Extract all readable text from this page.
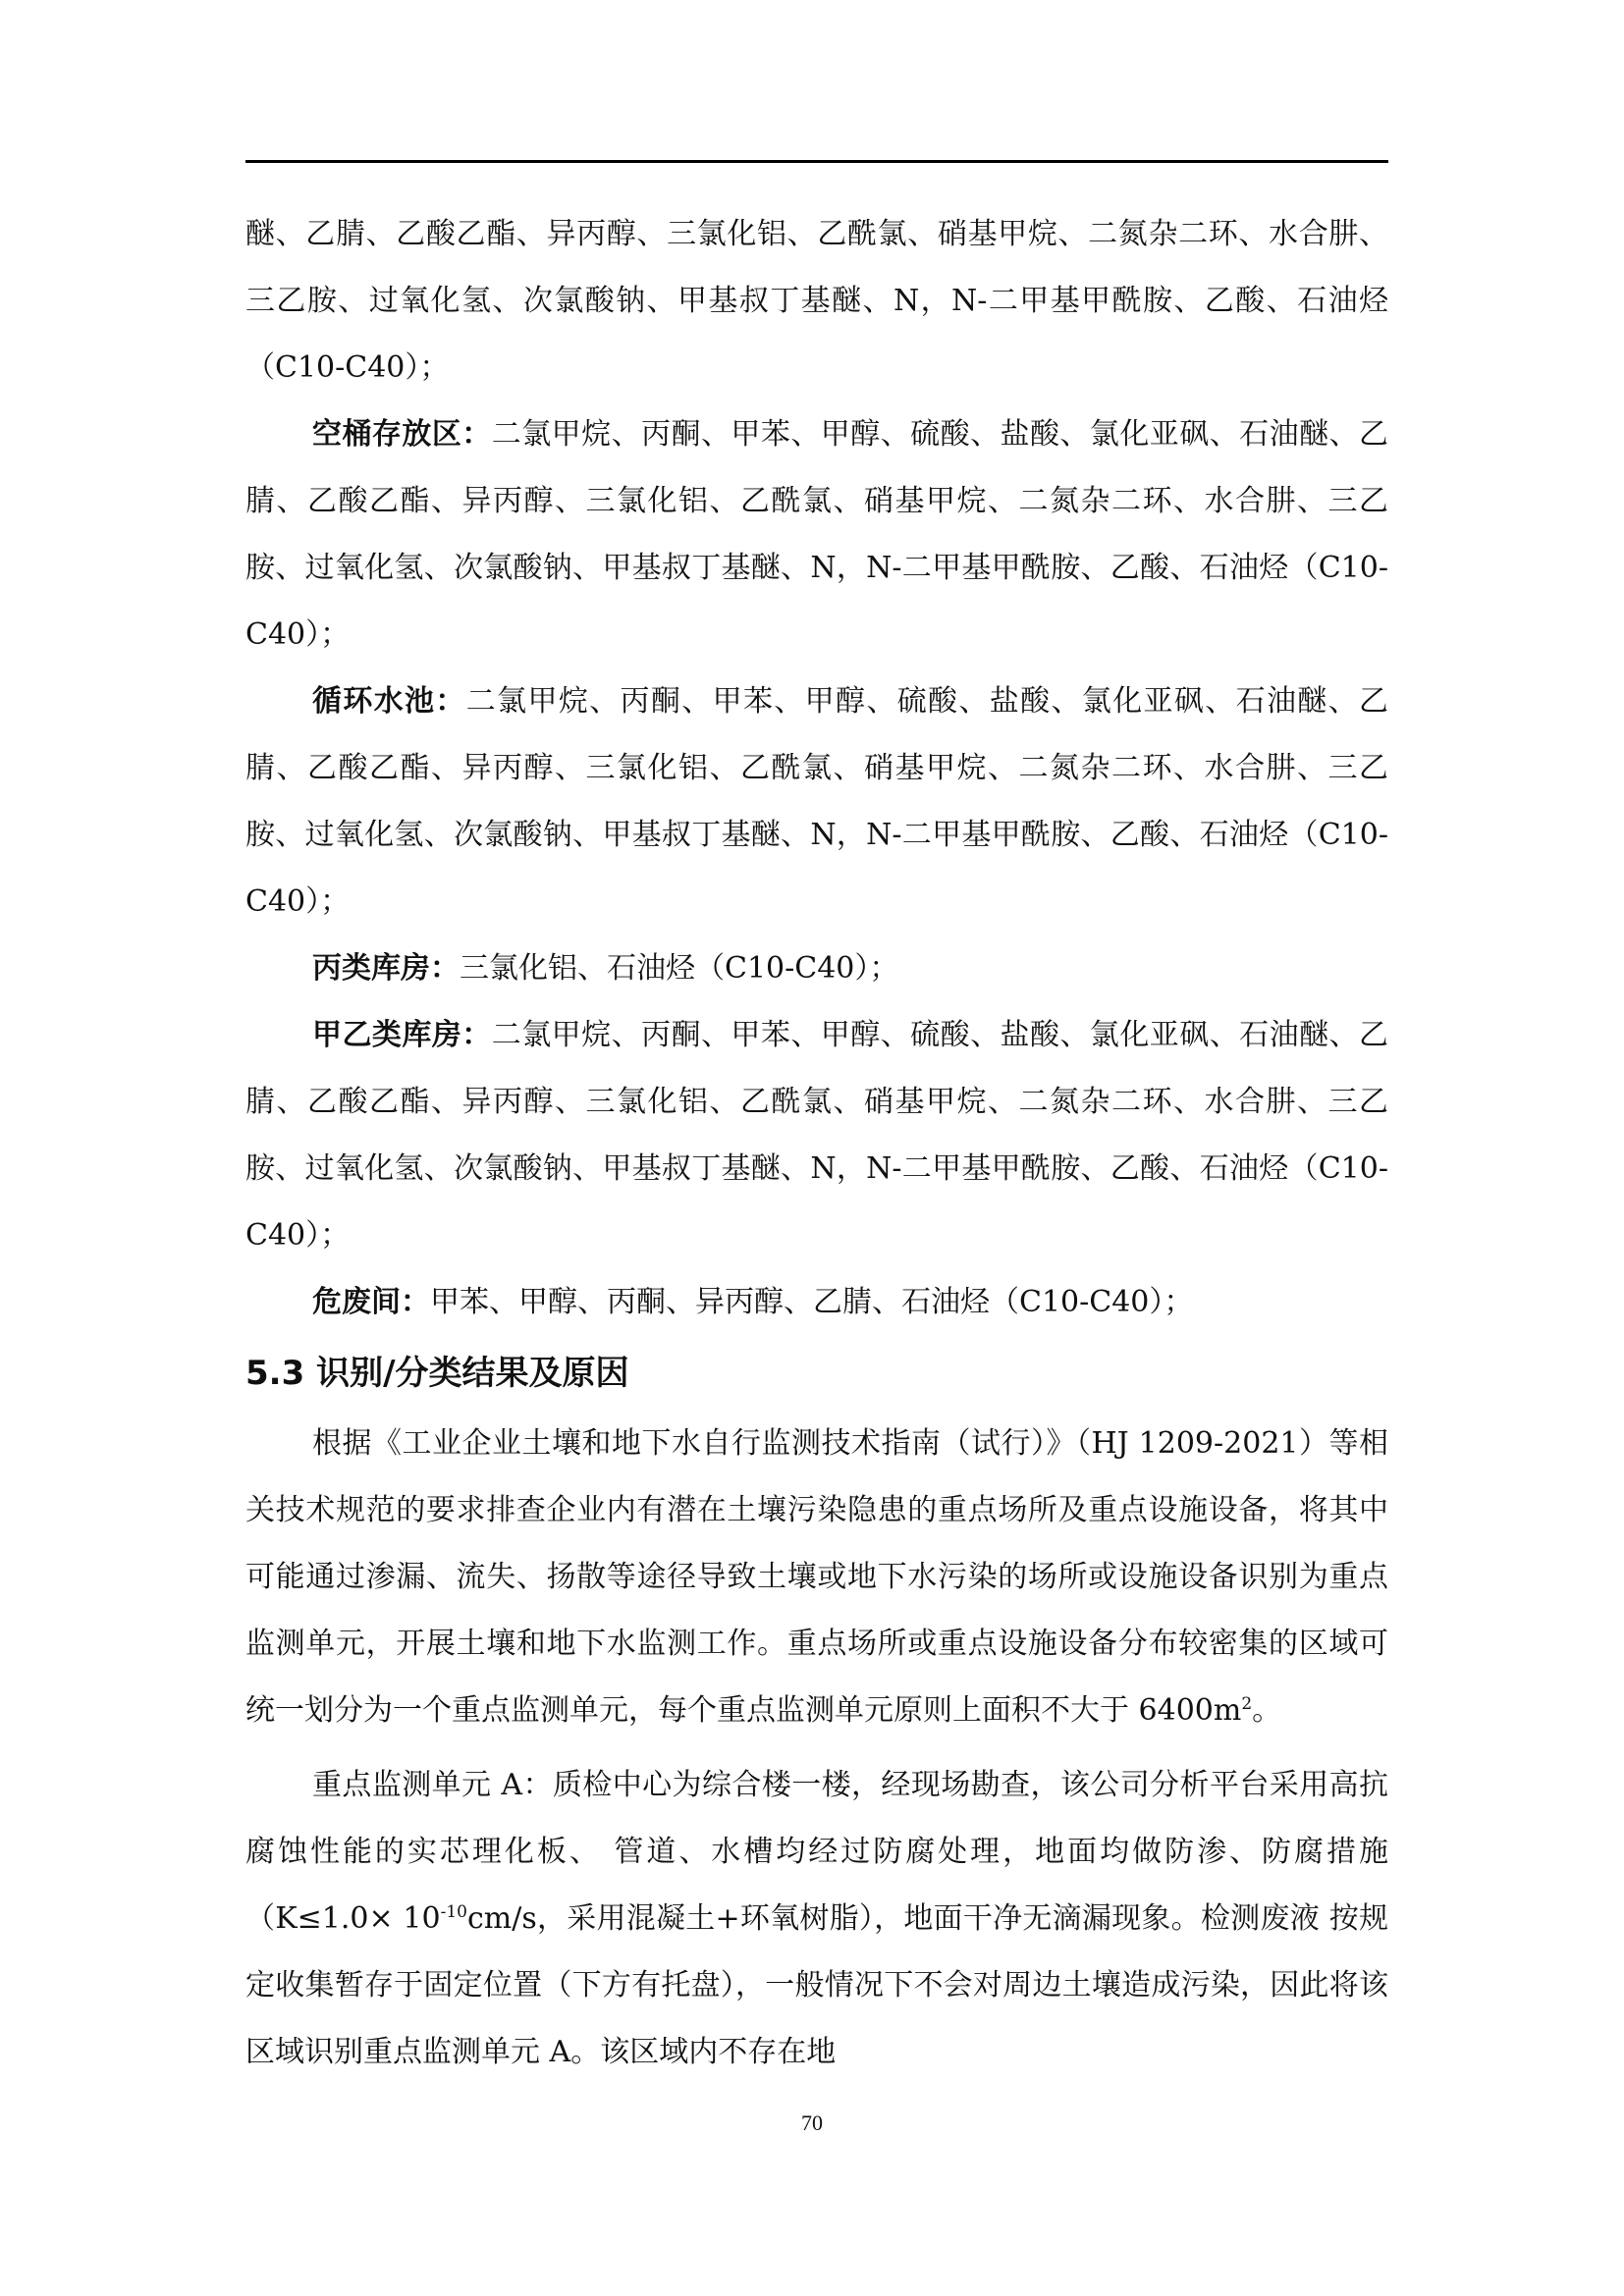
醚、乙腈、乙酸乙酯、异丙醇、三氯化铝、乙酰氯、硝基甲烷、二氮杂二环、水合肼、三乙胺、过氧化氢、次氯酸钠、甲基叔丁基醚、N，N-二甲基甲酰胺、乙酸、石油烃（C10-C40）；

空桶存放区：二氯甲烷、丙酮、甲苯、甲醇、硫酸、盐酸、氯化亚砜、石油醚、乙腈、乙酸乙酯、异丙醇、三氯化铝、乙酰氯、硝基甲烷、二氮杂二环、水合肼、三乙胺、过氧化氢、次氯酸钠、甲基叔丁基醚、N，N-二甲基甲酰胺、乙酸、石油烃（C10-C40）；

循环水池：二氯甲烷、丙酮、甲苯、甲醇、硫酸、盐酸、氯化亚砜、石油醚、乙腈、乙酸乙酯、异丙醇、三氯化铝、乙酰氯、硝基甲烷、二氮杂二环、水合肼、三乙胺、过氧化氢、次氯酸钠、甲基叔丁基醚、N，N-二甲基甲酰胺、乙酸、石油烃（C10-C40）；

丙类库房：三氯化铝、石油烃（C10-C40）；

甲乙类库房：二氯甲烷、丙酮、甲苯、甲醇、硫酸、盐酸、氯化亚砜、石油醚、乙腈、乙酸乙酯、异丙醇、三氯化铝、乙酰氯、硝基甲烷、二氮杂二环、水合肼、三乙胺、过氧化氢、次氯酸钠、甲基叔丁基醚、N，N-二甲基甲酰胺、乙酸、石油烃（C10-C40）；

危废间：甲苯、甲醇、丙酮、异丙醇、乙腈、石油烃（C10-C40）；

5.3 识别/分类结果及原因

根据《工业企业土壤和地下水自行监测技术指南（试行）》（HJ 1209-2021）等相关技术规范的要求排查企业内有潜在土壤污染隐患的重点场所及重点设施设备，将其中可能通过渗漏、流失、扬散等途径导致土壤或地下水污染的场所或设施设备识别为重点监测单元，开展土壤和地下水监测工作。重点场所或重点设施设备分布较密集的区域可统一划分为一个重点监测单元，每个重点监测单元原则上面积不大于 $6400m^2$。

重点监测单元 A：质检中心为综合楼一楼，经现场勘查，该公司分析平台采用高抗腐蚀性能的实芯理化板、 管道、水槽均经过防腐处理，地面均做防渗、防腐措施（$K\le 1.0\times 10^{-10}cm/s$，采用混凝土+环氧树脂），地面干净无滴漏现象。检测废液 按规定收集暂存于固定位置（下方有托盘），一般情况下不会对周边土壤造成污染，因此将该区域识别重点监测单元 A。该区域内不存在地

70
